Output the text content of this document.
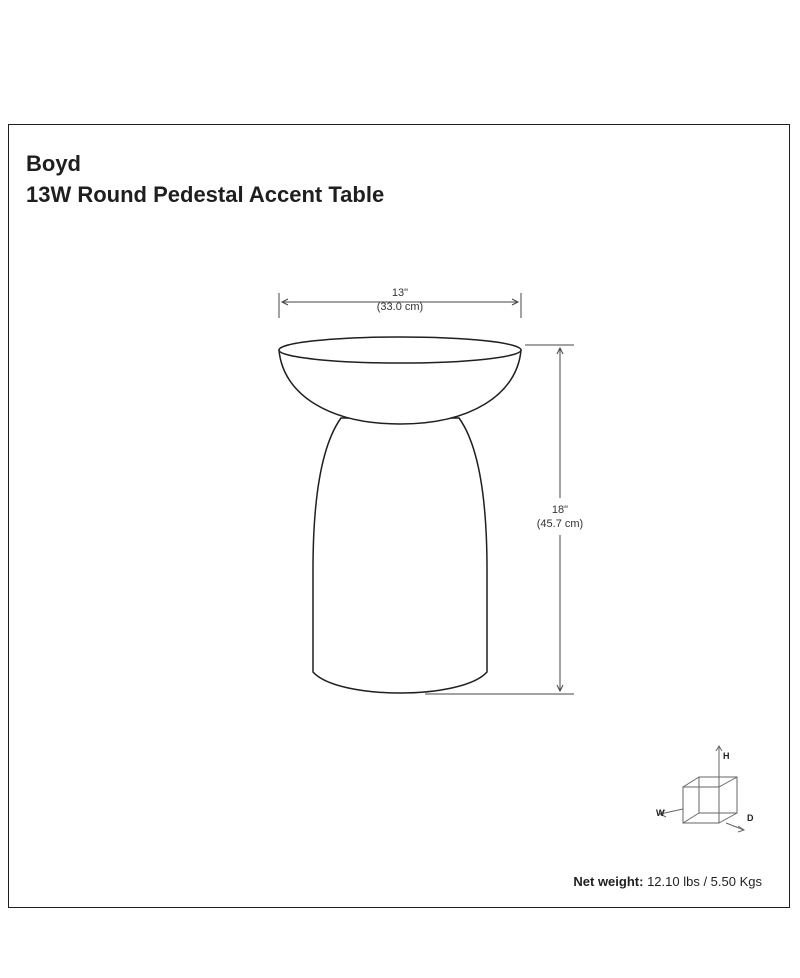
Boyd
13W Round Pedestal Accent Table
13"
(33.0 cm)
18"
(45.7 cm)
H
W	D
Net weight: 12.10 lbs / 5.50 Kgs
